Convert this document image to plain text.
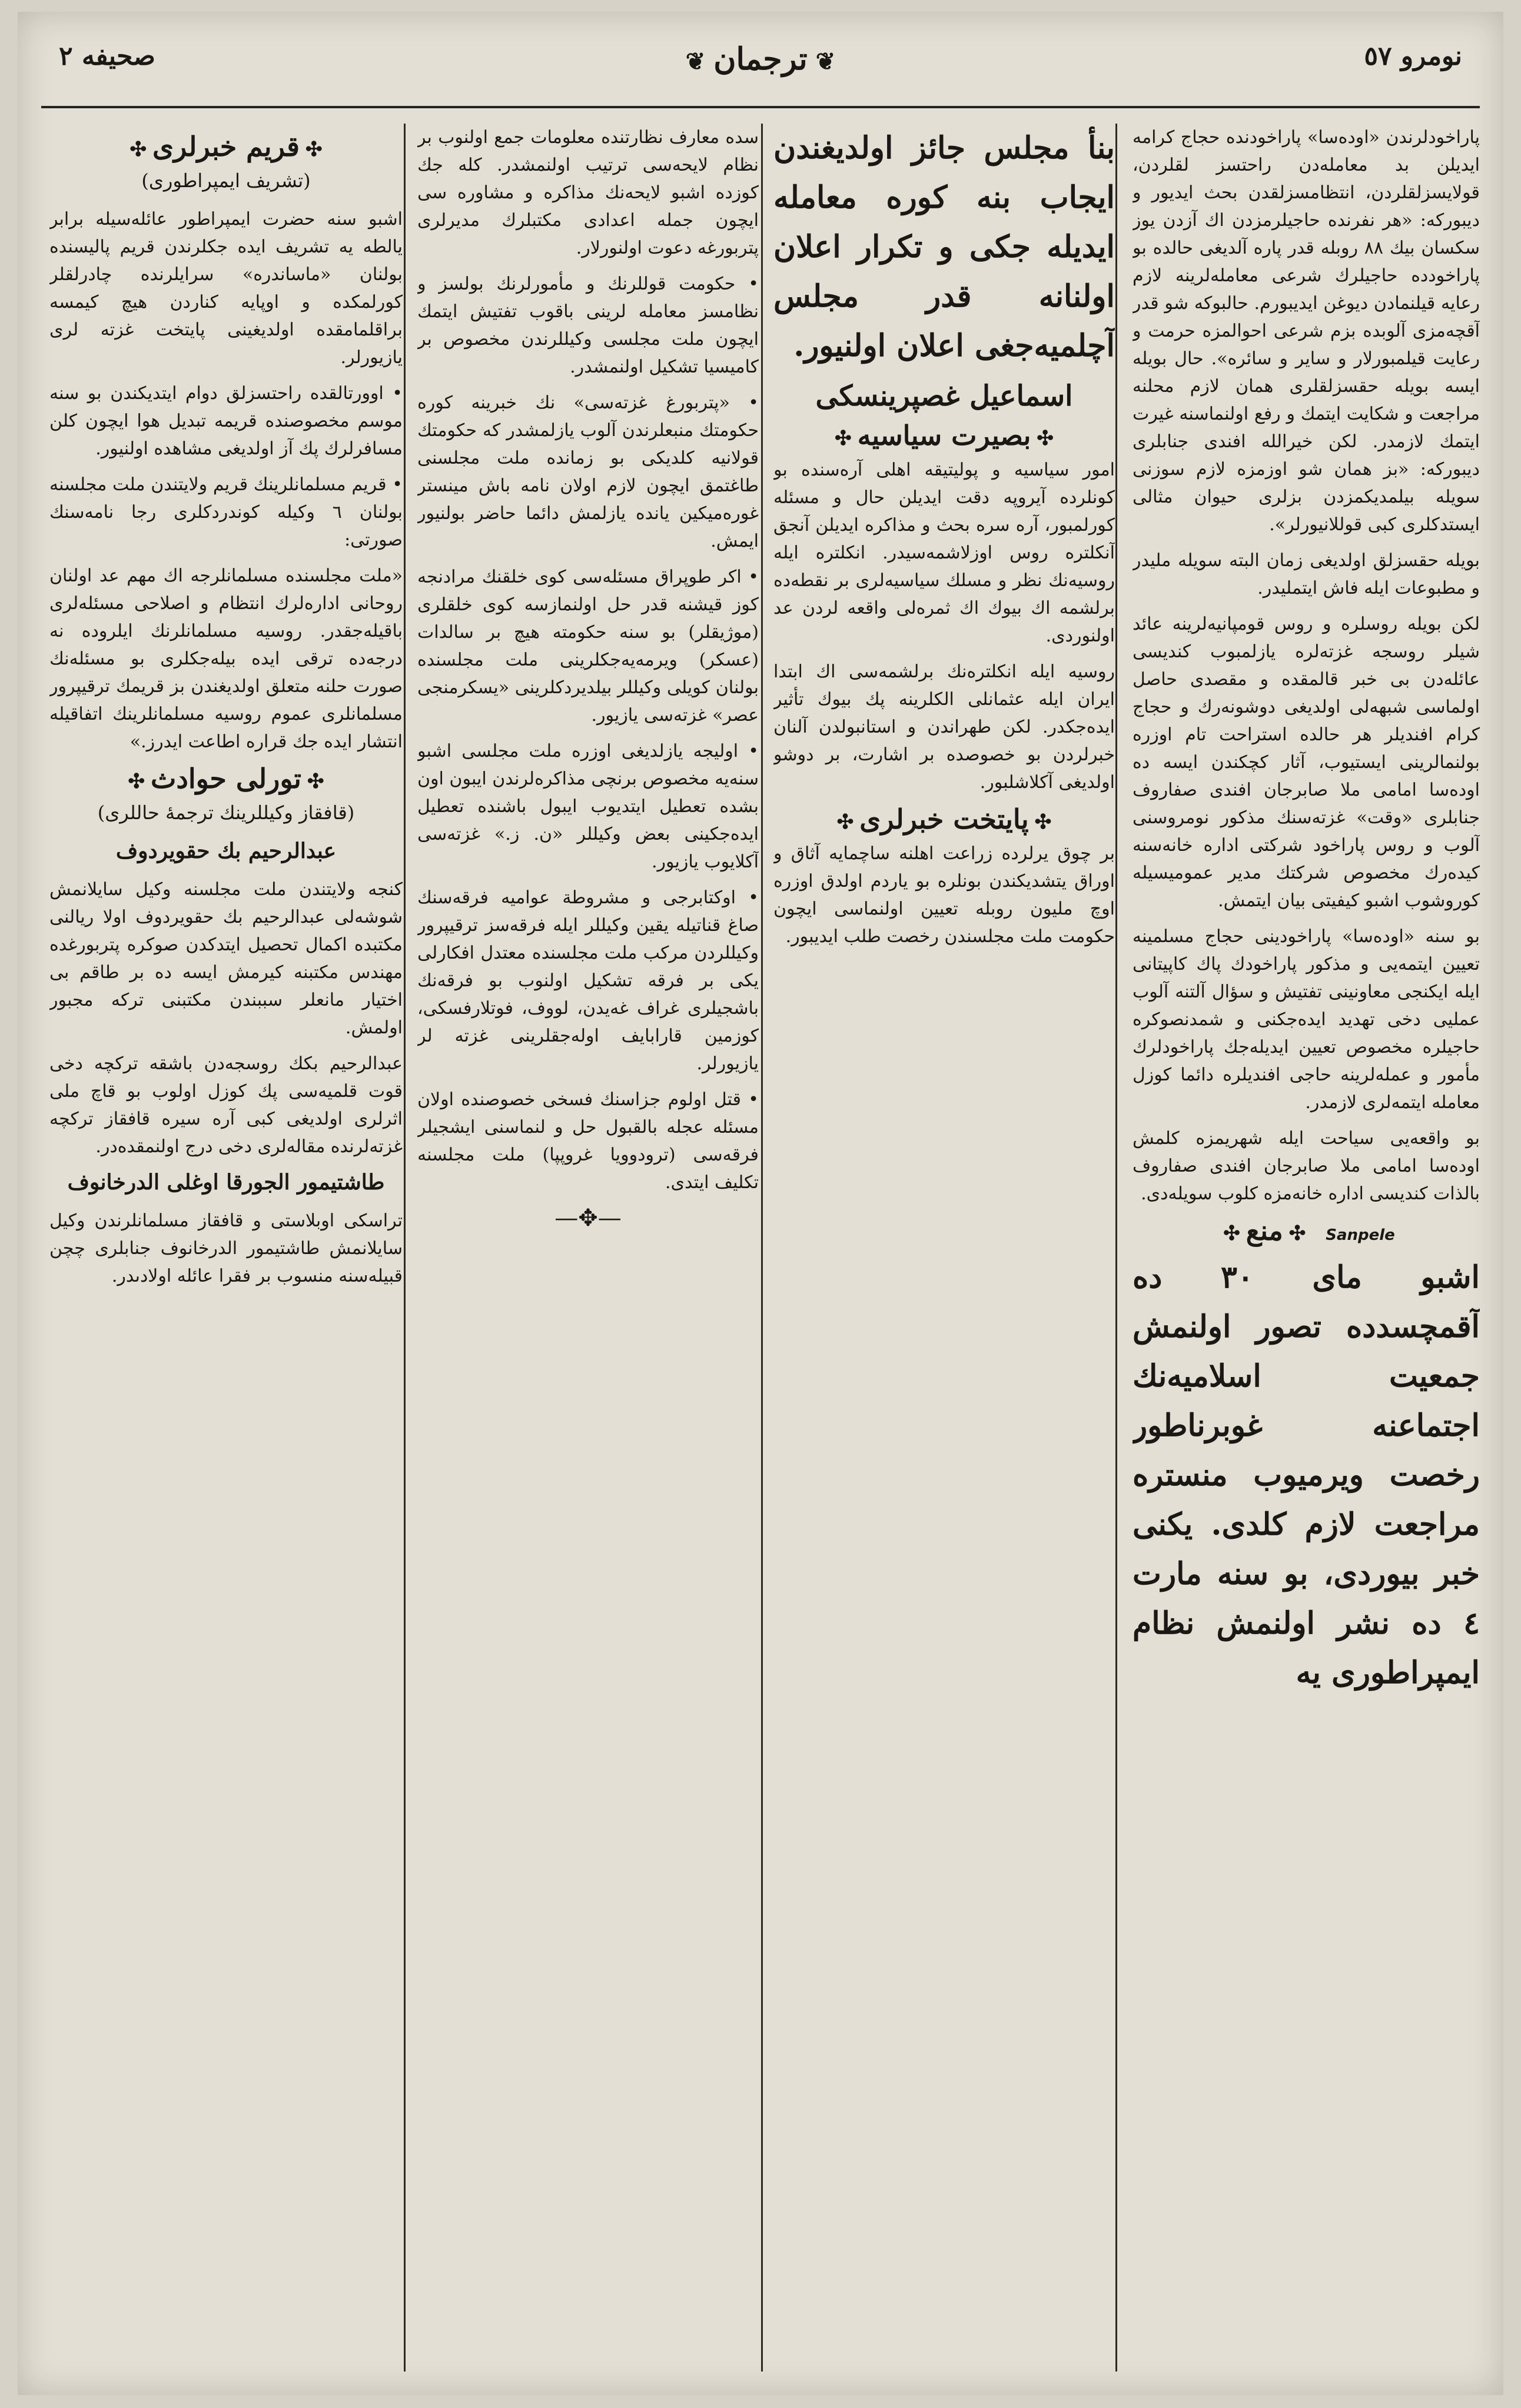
نومرو ٥٧
❦ترجمان❦
صحيفه ٢

پاراخودلرندن «اودەسا» پاراخودنده حجاج كرامه ايديلن بد معاملەدن راحتسز لقلردن، قولايسزلقلردن، انتظامسزلقدن بحث ايديور و ديبوركه: «هر نفرنده حاجيلرمزدن اك آزدن يوز سكسان بيك ٨٨ روبله قدر پاره آلديغى حالده بو پاراخودده حاجيلرك شرعى معاملەلرينه لازم رعايه قيلنمادن ديوغن ايديبورم. حالبوكه شو قدر آقچەمزى آلوبده بزم شرعى احوالمزه حرمت و رعايت قيلمبورلار و ساير و سائره». حال بويله ايسه بويله حقسزلقلرى همان لازم محلنه مراجعت و شكايت ايتمك و رفع اولنماسنه غيرت ايتمك لازمدر. لكن خيرالله افندى جنابلرى ديبوركه: «بز همان شو اوزمزه لازم سوزنى سويله بيلمديكمزدن بزلرى حيوان مثالى ايستدكلرى كبى قوللانيورلر».

بويله حقسزلق اولديغى زمان البته سويله مليدر و مطبوعات ايله فاش ايتمليدر.

لكن بويله روسلره و روس قومپانيەلرينه عائد شيلر روسجه غزته‌لره يازلمبوب كنديسى عائلەدن بى خبر قالمقده و مقصدى حاصل اولماسى شبهەلى اولديغى دوشونەرك و حجاج كرام افنديلر هر حالده استراحت تام اوزره بولنمالرينى ايستيوب، آثار كچكندن ايسه ده اودەسا امامى ملا صابرجان افندى صفاروف جنابلرى «وقت» غزته‌سنك مذكور نومروسنى آلوب و روس پاراخود شركتى اداره خانەسنه كيدەرك مخصوص شركتك مدير عموميسيله كوروشوب اشبو كيفيتى بيان ايتمش.

بو سنه «اودەسا» پاراخودينى حجاج مسلمينه تعيين ايتمەيى و مذكور پاراخودك پاك كاپيتانى ايله ايكنجى معاونينى تفتيش و سؤال آلتنه آلوب عمليى دخى تهديد ايدەجكنى و شمدنصوكره حاجيلره مخصوص تعيين ايديلەجك پاراخودلرك مأمور و عملەلرينه حاجى افنديلره دائما كوزل معامله ايتمەلرى لازمدر.

بو واقعەيى سياحت ايله شهريمزه كلمش اودەسا امامى ملا صابرجان افندى صفاروف بالذات كنديسى اداره خانەمزه كلوب سويلەدى.

Sanpele✣منع✣

اشبو ماى ٣٠ ده آقمچسدده تصور اولنمش جمعيت اسلاميەنك اجتماعنه غوبرناطور رخصت ويرميوب منسترە مراجعت لازم كلدى. يكنى خبر بيوردى، بو سنه مارت ٤ ده نشر اولنمش نظام ايمپراطورى يه

بنأ مجلس جائز اولديغندن ايجاب بنه كوره معامله ايديله جكى و تكرار اعلان اولنانه قدر مجلس آچلميەجغى اعلان اولنيور.

اسماعيل غصپرينسكى
✣بصيرت سياسيه✣

امور سياسيه و پوليتيقه اهلى آرەسنده بو كونلرده آيروپه دقت ايديلن حال و مسئله كورلمبور، آره سره بحث و مذاكره ايديلن آنجق آنكلتره روس اوزلاشمەسيدر. انكلتره ايله روسيەنك نظر و مسلك سياسيەلرى بر نقطەده برلشمه اك بيوك اك ثمره‌لى واقعه لردن عد اولنوردى.

روسيه ايله انكلترەنك برلشمەسى اك ابتدا ايران ايله عثمانلى الكلرينه پك بيوك تأثير ايدەجكدر. لكن طهراندن و استانبولدن آلنان خبرلردن بو خصوصده بر اشارت، بر دوشو اولديغى آكلاشلبور.

✣پايتخت خبرلرى✣

بر چوق يرلرده زراعت اهلنه ساچمايه آثاق و اوراق يتشديكندن بونلره بو ياردم اولدق اوزره اوچ مليون روبله تعيين اولنماسى ايچون حكومت ملت مجلسندن رخصت طلب ايديبور.

سده معارف نظارتنده معلومات جمع اولنوب بر نظام لايحەسى ترتيب اولنمشدر. كله جك كوزده اشبو لايحەنك مذاكره و مشاوره سى ايچون جمله اعدادى مكتبلرك مديرلرى پتربورغه دعوت اولنورلار.

• حكومت قوللرنك و مأمورلرنك بولسز و نظامسز معامله لرينى باقوب تفتيش ايتمك ايچون ملت مجلسى وكيللرندن مخصوص بر كاميسيا تشكيل اولنمشدر.

• «پتربورغ غزته‌سى» نك خبرينه كوره حكومتك منبعلرندن آلوب يازلمشدر كه حكومتك قولانيه كلديكى بو زمانده ملت مجلسنى طاغتمق ايچون لازم اولان نامه باش مينستر غورەميكين يانده يازلمش دائما حاضر بولنيور ايمش.

• اكر طوپراق مسئلەسى كوى خلقنك مرادنجه كوز قيشنه قدر حل اولنمازسه كوى خلقلرى (موژيقلر) بو سنه حكومته هيچ بر سالدات (عسكر) ويرمەيەجكلرينى ملت مجلسنده بولنان كويلى وكيللر بيلديردكلرينى «يسكرمنجى عصر» غزته‌سى يازيور.

• اوليجه يازلديغى اوزره ملت مجلسى اشبو سنەيه مخصوص برنچى مذاكرەلرندن ايبون اون بشده تعطيل ايتديوب ايبول باشنده تعطيل ايدەجكينى بعض وكيللر «ن. ز.» غزته‌سى آكلايوب يازيور.

• اوكتابرجى و مشروطة عواميه فرقه‌سنك صاغ قناتيله يقين وكيللر ايله فرقه‌سز ترقيپرور وكيللردن مركب ملت مجلسنده معتدل افكارلى يكى بر فرقه تشكيل اولنوب بو فرقەنك باشجيلرى غراف غەيدن، لووف، فوتلارفسكى، كوزمين قارابايف اولەجقلرينى غزته لر يازيورلر.

• قتل اولوم جزاسنك فسخى خصوصنده اولان مسئله عجله بالقبول حل و لنماسنى ايشجيلر فرقەسى (ترودوويا غروپپا) ملت مجلسنه تكليف ايتدى.

—✥—
✣قريم خبرلرى✣
(تشريف ايمپراطورى)

اشبو سنه حضرت ايمپراطور عائلەسيله برابر يالطه يه تشريف ايده جكلرندن قريم پاليسنده بولنان «ماساندره» سرايلرنده چادرلقلر كورلمكده و اوپايه كناردن هيچ كيمسه براقلمامقده اولديغينى پايتخت غزته لرى يازيورلر.

• اوورتالقده راحتسزلق دوام ايتديكندن بو سنه موسم مخصوصنده قريمه تبديل هوا ايچون كلن مسافرلرك پك آز اولديغى مشاهده اولنيور.

• قريم مسلمانلرينك قريم ولايتندن ملت مجلسنه بولنان ٦ وكيله كوندردكلرى رجا نامەسنك صورتى:

«ملت مجلسنده مسلمانلرجه اك مهم عد اولنان روحانى ادارەلرك انتظام و اصلاحى مسئلەلرى باقيلەجقدر. روسيه مسلمانلرنك ايلروده نه درجەده ترقى ايده بيلەجكلرى بو مسئلەنك صورت حلنه متعلق اولديغندن بز قريمك ترقيپرور مسلمانلرى عموم روسيه مسلمانلرينك اتفاقيله انتشار ايده جك قراره اطاعت ايدرز.»

✣تورلى حوادث✣
(قافقاز وكيللرينك ترجمهٔ حاللرى)
عبدالرحيم بك حقويردوف

كنجه ولايتندن ملت مجلسنه وكيل سايلانمش شوشەلى عبدالرحيم بك حقويردوف اولا ريالنى مكتبده اكمال تحصيل ايتدكدن صوكره پتربورغده مهندس مكتبنه كيرمش ايسه ده بر طاقم بى اختيار مانعلر سببندن مكتبنى تركه مجبور اولمش.

عبدالرحيم بكك روسجەدن باشقه تركچه دخى قوت قلميەسى پك كوزل اولوب بو قاچ ملى اثرلرى اولديغى كبى آره سيره قافقاز تركچه غزته‌لرنده مقالەلرى دخى درج اولنمقدەدر.

طاشتيمور الجورقا اوغلى الدرخانوف

تراسكى اوبلاستى و قافقاز مسلمانلرندن وكيل سايلانمش طاشتيمور الدرخانوف جنابلرى چچن قبيلەسنه منسوب بر فقرا عائلە اولادىدر.
